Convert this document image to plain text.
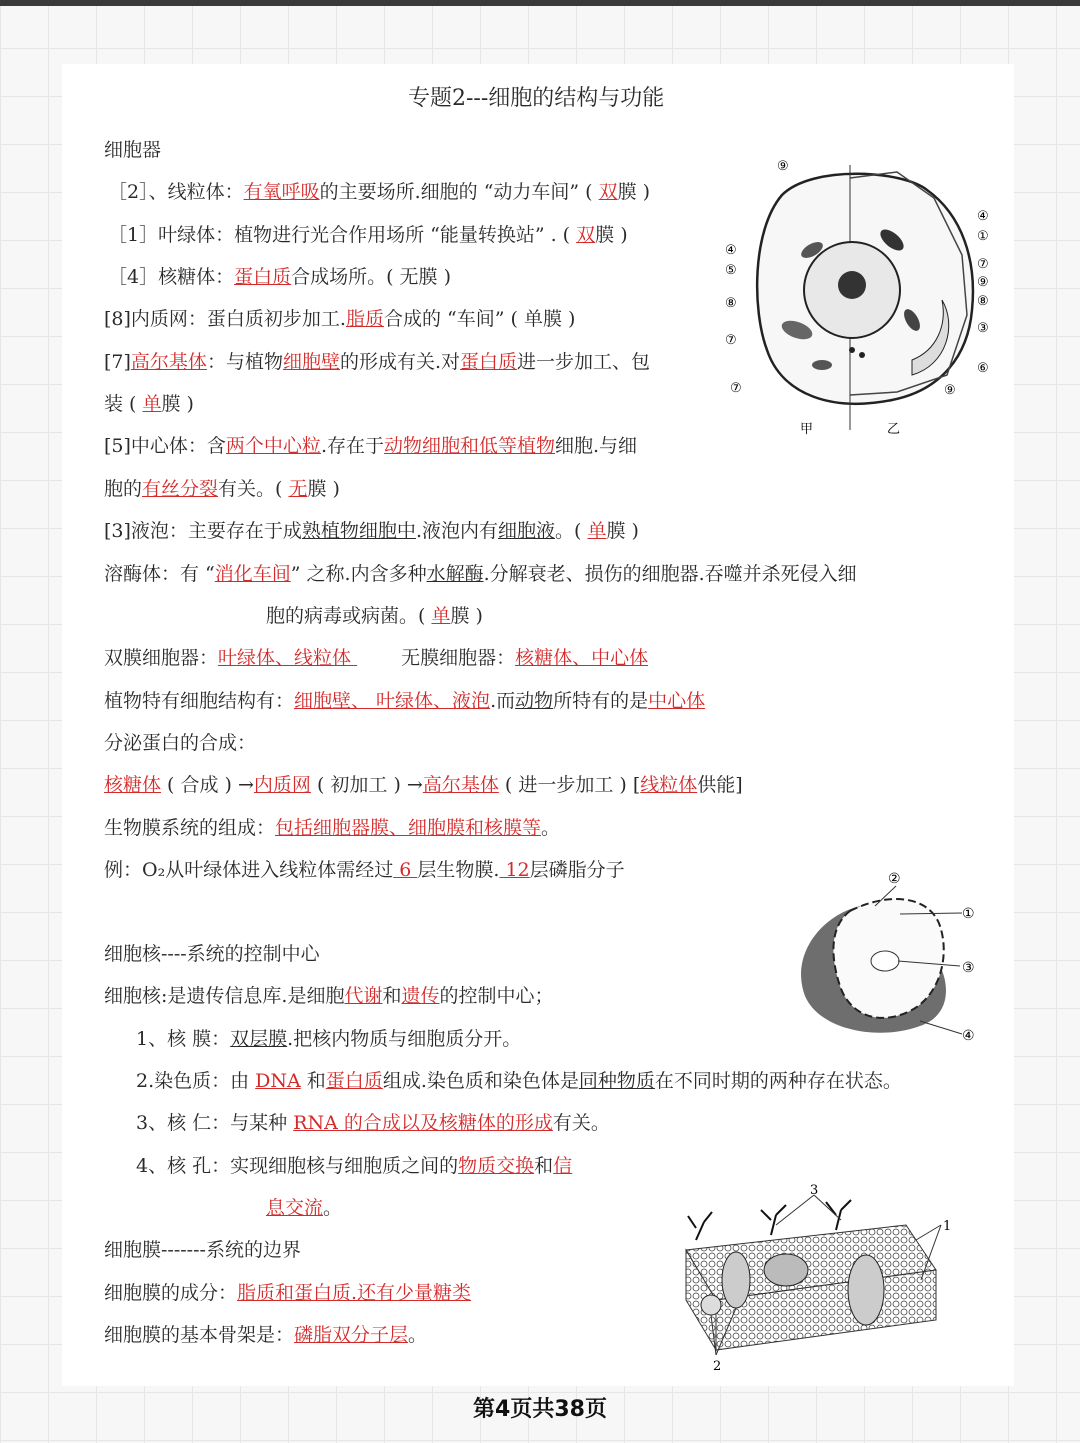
专题2---细胞的结构与功能
细胞器
［2］、线粒体：有氧呼吸的主要场所.细胞的 “动力车间” ( 双膜 )
［1］叶绿体：植物进行光合作用场所 “能量转换站” . ( 双膜 )
［4］核糖体：蛋白质合成场所。( 无膜 )
[8]内质网：蛋白质初步加工.脂质合成的 “车间” ( 单膜 )
[7]高尔基体：与植物细胞壁的形成有关.对蛋白质进一步加工、包
装 ( 单膜 )
[5]中心体：含两个中心粒.存在于动物细胞和低等植物细胞.与细
胞的有丝分裂有关。( 无膜 )
[3]液泡：主要存在于成熟植物细胞中.液泡内有细胞液。( 单膜 )
溶酶体：有 “消化车间” 之称.内含多种水解酶.分解衰老、损伤的细胞器.吞噬并杀死侵入细
胞的病毒或病菌。( 单膜 )
双膜细胞器：叶绿体、线粒体 无膜细胞器：核糖体、中心体
植物特有细胞结构有：细胞壁、 叶绿体、液泡.而动物所特有的是中心体
分泌蛋白的合成：
核糖体 ( 合成 ) →内质网 ( 初加工 ) →高尔基体 ( 进一步加工 ) [线粒体供能]
生物膜系统的组成：包括细胞器膜、细胞膜和核膜等。
例：O₂从叶绿体进入线粒体需经过 6 层生物膜. 12层磷脂分子
细胞核----系统的控制中心
细胞核:是遗传信息库.是细胞代谢和遗传的控制中心；
1、核 膜：双层膜.把核内物质与细胞质分开。
2.染色质：由 DNA 和蛋白质组成.染色质和染色体是同种物质在不同时期的两种存在状态。
3、核 仁：与某种 RNA 的合成以及核糖体的形成有关。
4、核 孔：实现细胞核与细胞质之间的物质交换和信
息交流。
细胞膜-------系统的边界
细胞膜的成分：脂质和蛋白质.还有少量糖类
细胞膜的基本骨架是：磷脂双分子层。
⑨
④
①
⑦
⑨
⑧
③
⑥
⑨
④
⑤
⑧
⑦
⑦
甲	乙
②
①
③
④
3
1
2
第4页共38页
